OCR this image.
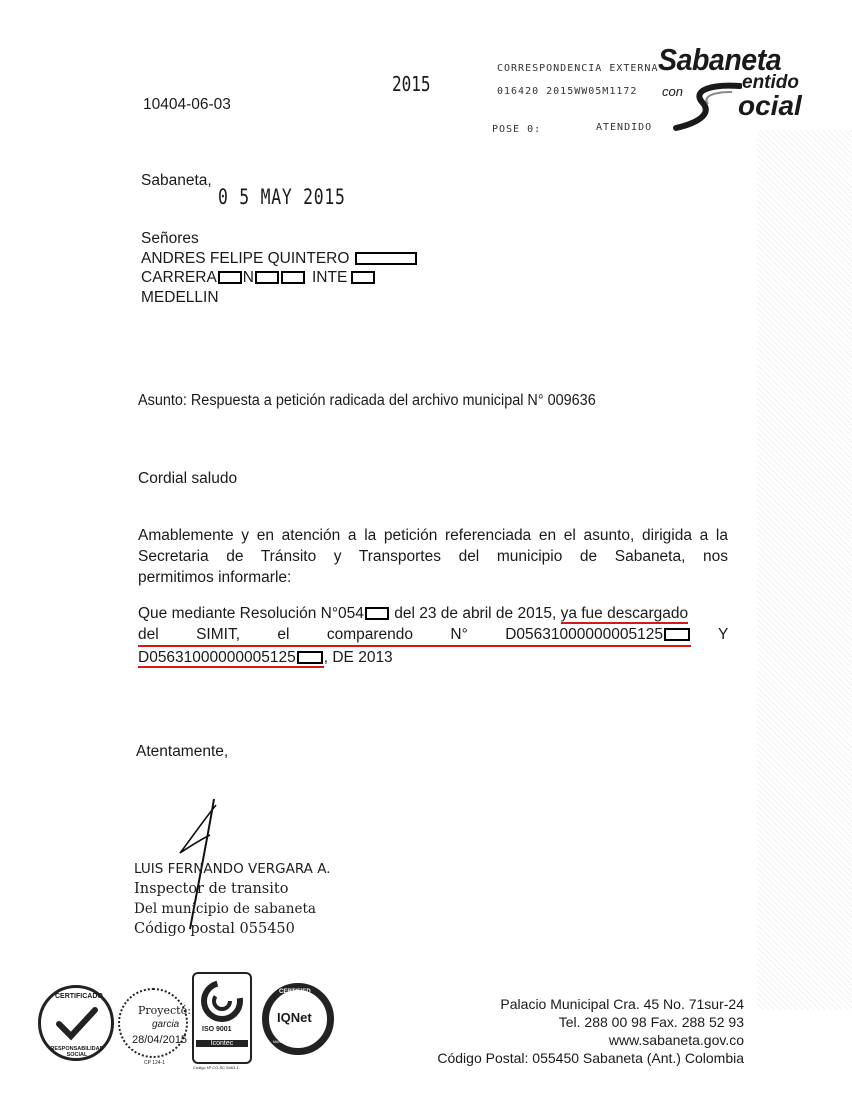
10404-06-03
2015
CORRESPONDENCIA EXTERNA
016420 2015WW05M1172
POSE 0:	ATENDIDO
Sabaneta
entido
con ocial
Sabaneta,
0 5 MAY 2015
Señores
ANDRES FELIPE QUINTERO
CARRERA N	INTE
MEDELLIN
Asunto: Respuesta a petición radicada del archivo municipal N° 009636
Cordial saludo
Amablemente y en atención a la petición referenciada en el asunto, dirigida a la
Secretaria de Tránsito y Transportes del municipio de Sabaneta, nos
permitimos informarle:
Que mediante Resolución N°054 del 23 de abril de 2015, ya fue descargado
del SIMIT, el comparendo N° D05631000000005125	Y
D05631000000005125 , DE 2013
Atentamente,
LUIS FERNANDO VERGARA A.
Inspector de transito
Del municipio de sabaneta
Código postal 055450
CERTIFICADO
RESPONSABILIDAD SOCIAL
Proyectó:
garcia
28/04/2015
CP 124-1
ISO 9001
Icontec
Código Nº CO-SC 5463-1
CERTIFIED
IQNet
MANAGEMENT SYSTEM
Palacio Municipal Cra. 45 No. 71sur-24
Tel. 288 00 98 Fax. 288 52 93
www.sabaneta.gov.co
Código Postal: 055450 Sabaneta (Ant.) Colombia
